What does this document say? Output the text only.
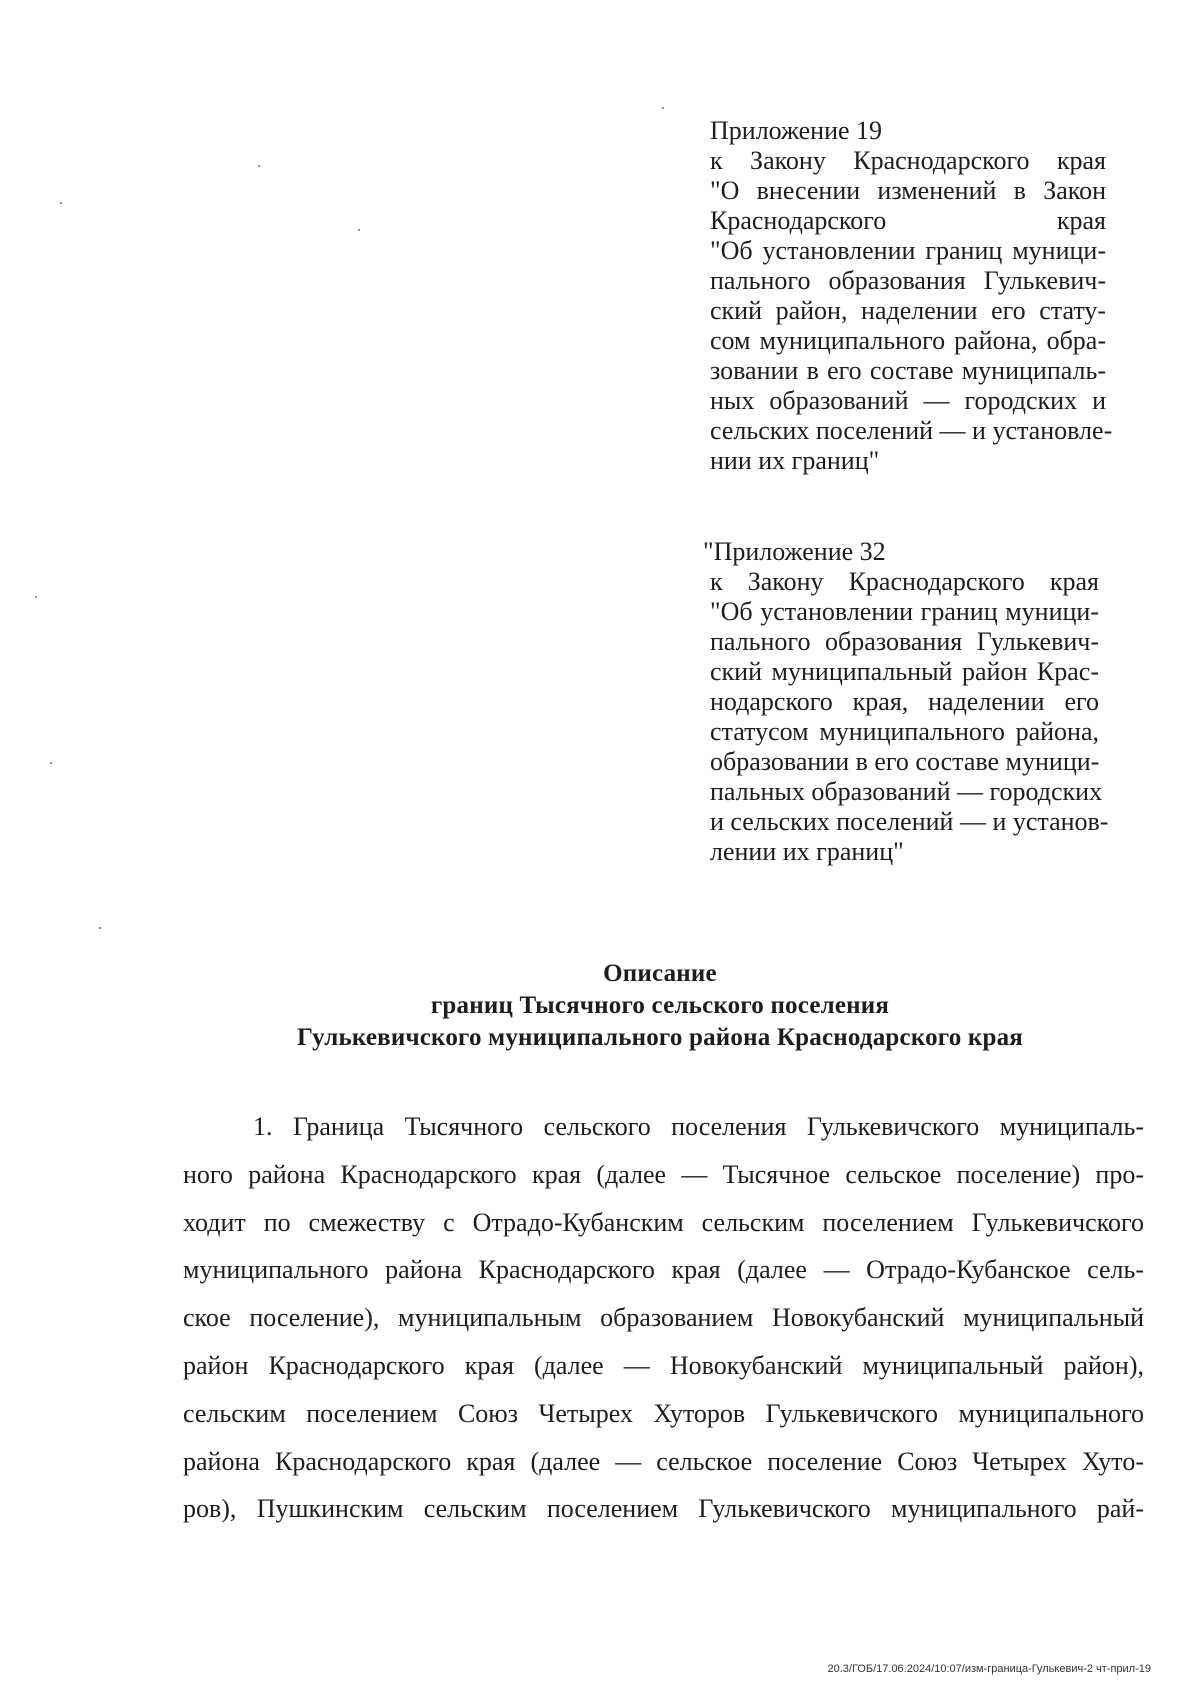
Приложение 19
к Закону Краснодарского края
"О внесении изменений в Закон
Краснодарского края
"Об установлении границ муници-
пального образования Гулькевич-
ский район, наделении его стату-
сом муниципального района, обра-
зовании в его составе муниципаль-
ных образований — городских и
сельских поселений — и установле-
нии их границ"
"Приложение 32
к Закону Краснодарского края
"Об установлении границ муници-
пального образования Гулькевич-
ский муниципальный район Крас-
нодарского края, наделении его
статусом муниципального района,
образовании в его составе муници-
пальных образований — городских
и сельских поселений — и установ-
лении их границ"
Описание
границ Тысячного сельского поселения
Гулькевичского муниципального района Краснодарского края
1. Граница Тысячного сельского поселения Гулькевичского муниципаль-
ного района Краснодарского края (далее — Тысячное сельское поселение) про-
ходит по смежеству с Отрадо-Кубанским сельским поселением Гулькевичского
муниципального района Краснодарского края (далее — Отрадо-Кубанское сель-
ское поселение), муниципальным образованием Новокубанский муниципальный
район Краснодарского края (далее — Новокубанский муниципальный район),
сельским поселением Союз Четырех Хуторов Гулькевичского муниципального
района Краснодарского края (далее — сельское поселение Союз Четырех Хуто-
ров), Пушкинским сельским поселением Гулькевичского муниципального рай-
20.3/ГОБ/17.06.2024/10:07/изм-граница-Гулькевич-2 чт-прил-19
